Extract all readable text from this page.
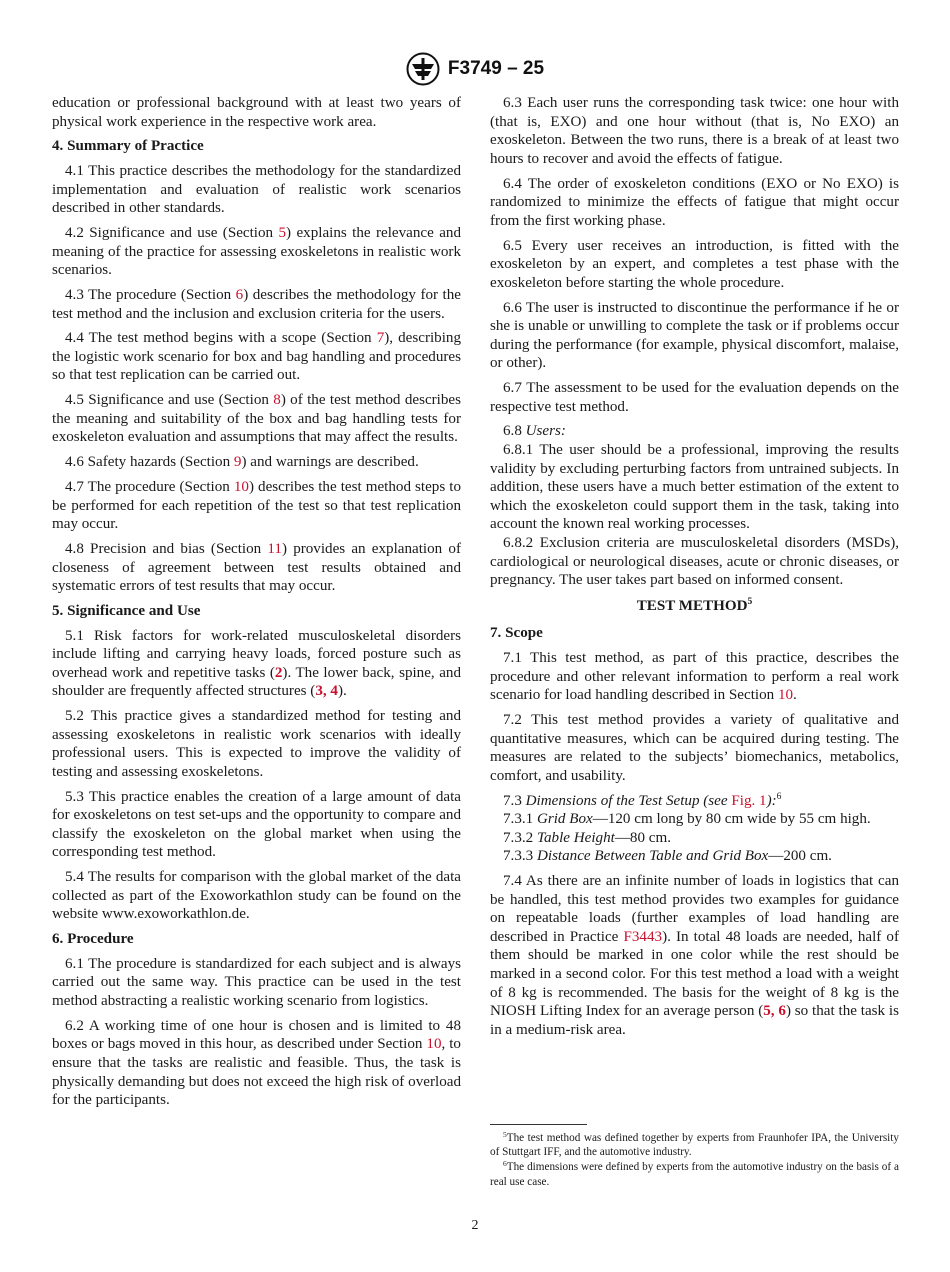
F3749 – 25

education or professional background with at least two years of physical work experience in the respective work area.

4. Summary of Practice

4.1 This practice describes the methodology for the standardized implementation and evaluation of realistic work scenarios described in other standards.

4.2 Significance and use (Section 5) explains the relevance and meaning of the practice for assessing exoskeletons in realistic work scenarios.

4.3 The procedure (Section 6) describes the methodology for the test method and the inclusion and exclusion criteria for the users.

4.4 The test method begins with a scope (Section 7), describing the logistic work scenario for box and bag handling and procedures so that test replication can be carried out.

4.5 Significance and use (Section 8) of the test method describes the meaning and suitability of the box and bag handling tests for exoskeleton evaluation and assumptions that may affect the results.

4.6 Safety hazards (Section 9) and warnings are described.

4.7 The procedure (Section 10) describes the test method steps to be performed for each repetition of the test so that test replication may occur.

4.8 Precision and bias (Section 11) provides an explanation of closeness of agreement between test results obtained and systematic errors of test results that may occur.

5. Significance and Use

5.1 Risk factors for work-related musculoskeletal disorders include lifting and carrying heavy loads, forced posture such as overhead work and repetitive tasks (2). The lower back, spine, and shoulder are frequently affected structures (3, 4).

5.2 This practice gives a standardized method for testing and assessing exoskeletons in realistic work scenarios with ideally professional users. This is expected to improve the validity of testing and assessing exoskeletons.

5.3 This practice enables the creation of a large amount of data for exoskeletons on test set-ups and the opportunity to compare and classify the exoskeleton on the global market when using the corresponding test method.

5.4 The results for comparison with the global market of the data collected as part of the Exoworkathlon study can be found on the website www.exoworkathlon.de.

6. Procedure

6.1 The procedure is standardized for each subject and is always carried out the same way. This practice can be used in the test method abstracting a realistic working scenario from logistics.

6.2 A working time of one hour is chosen and is limited to 48 boxes or bags moved in this hour, as described under Section 10, to ensure that the tasks are realistic and feasible. Thus, the task is physically demanding but does not exceed the high risk of overload for the participants.

6.3 Each user runs the corresponding task twice: one hour with (that is, EXO) and one hour without (that is, No EXO) an exoskeleton. Between the two runs, there is a break of at least two hours to recover and avoid the effects of fatigue.

6.4 The order of exoskeleton conditions (EXO or No EXO) is randomized to minimize the effects of fatigue that might occur from the first working phase.

6.5 Every user receives an introduction, is fitted with the exoskeleton by an expert, and completes a test phase with the exoskeleton before starting the whole procedure.

6.6 The user is instructed to discontinue the performance if he or she is unable or unwilling to complete the task or if problems occur during the performance (for example, physical discomfort, malaise, or other).

6.7 The assessment to be used for the evaluation depends on the respective test method.

6.8 Users:

6.8.1 The user should be a professional, improving the results validity by excluding perturbing factors from untrained subjects. In addition, these users have a much better estimation of the extent to which the exoskeleton could support them in the task, taking into account the known real working processes.

6.8.2 Exclusion criteria are musculoskeletal disorders (MSDs), cardiological or neurological diseases, acute or chronic diseases, or pregnancy. The user takes part based on informed consent.

TEST METHOD$^5$
7. Scope

7.1 This test method, as part of this practice, describes the procedure and other relevant information to perform a real work scenario for load handling described in Section 10.

7.2 This test method provides a variety of qualitative and quantitative measures, which can be acquired during testing. The measures are related to the subjects’ biomechanics, metabolics, comfort, and usability.

7.3 Dimensions of the Test Setup (see Fig. 1):$^6$

7.3.1 Grid Box—120 cm long by 80 cm wide by 55 cm high.

7.3.2 Table Height—80 cm.

7.3.3 Distance Between Table and Grid Box—200 cm.

7.4 As there are an infinite number of loads in logistics that can be handled, this test method provides two examples for guidance on repeatable loads (further examples of load handling are described in Practice F3443). In total 48 loads are needed, half of them should be marked in one color while the rest should be marked in a second color. For this test method a load with a weight of 8 kg is recommended. The basis for the weight of 8 kg is the NIOSH Lifting Index for an average person (5, 6) so that the task is in a medium-risk area.

$^5$The test method was defined together by experts from Fraunhofer IPA, the University of Stuttgart IFF, and the automotive industry.

$^6$The dimensions were defined by experts from the automotive industry on the basis of a real use case.

2
